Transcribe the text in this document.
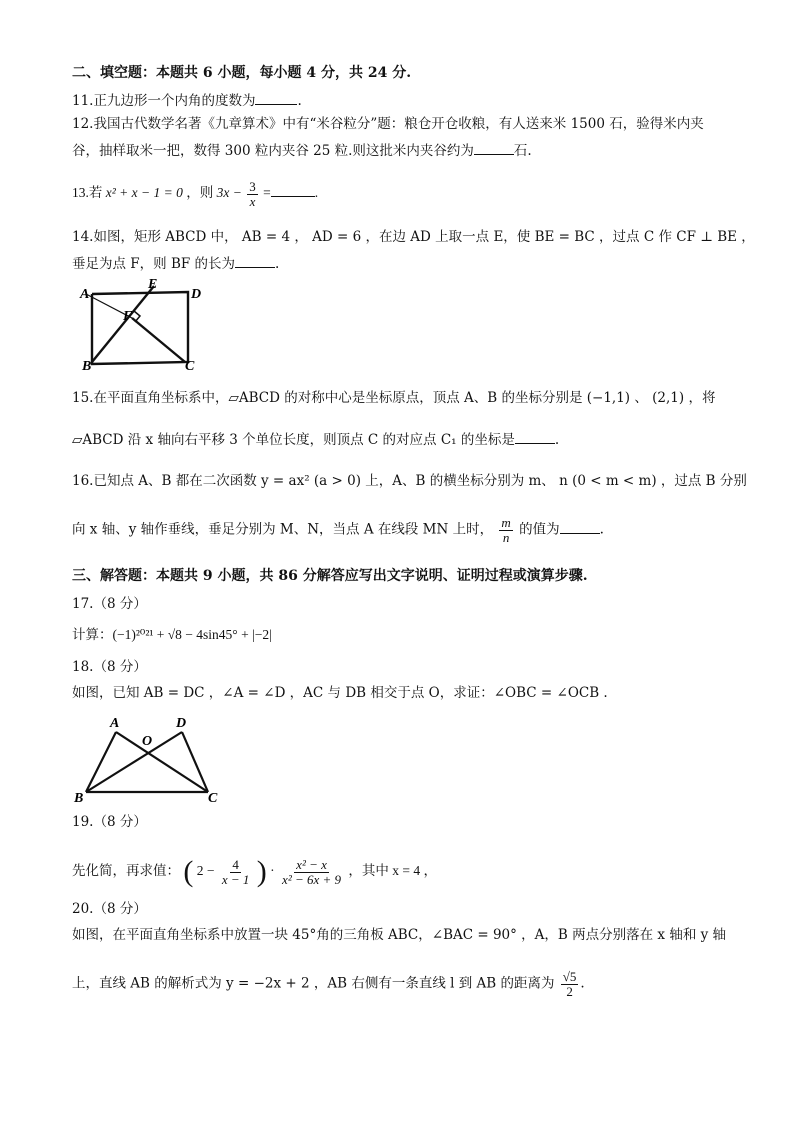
二、填空题：本题共 6 小题，每小题 4 分，共 24 分.
11.正九边形一个内角的度数为	.
12.我国古代数学名著《九章算术》中有“米谷粒分”题：粮仓开仓收粮，有人送来米 1500 石，验得米内夹
谷，抽样取米一把，数得 300 粒内夹谷 25 粒.则这批米内夹谷约为	石.
13.若 x² + x − 1 = 0 ，则 $3x - \frac{3}{x}$ =	.
14.如图，矩形 ABCD 中， AB = 4 ， AD = 6 ，在边 AD 上取一点 E，使 BE = BC ，过点 C 作 CF ⊥ BE ，
垂足为点 F，则 BF 的长为	.
A	D
E
F
B	C
15.在平面直角坐标系中，▱ABCD 的对称中心是坐标原点，顶点 A、B 的坐标分别是 (−1,1) 、 (2,1) ，将
▱ABCD 沿 x 轴向右平移 3 个单位长度，则顶点 C 的对应点 C₁ 的坐标是	.
16.已知点 A、B 都在二次函数 y = ax² (a > 0) 上，A、B 的横坐标分别为 m、 n (0 < m < m) ，过点 B 分别
向 x 轴、y 轴作垂线，垂足分别为 M、N，当点 A 在线段 MN 上时， $\frac{m}{n}$ 的值为	.
三、解答题：本题共 9 小题，共 86 分解答应写出文字说明、证明过程或演算步骤.
17.（8 分）
计算：(−1)²⁰²¹ + √8 − 4sin45° + |−2|
18.（8 分）
如图，已知 AB = DC ，∠A = ∠D ，AC 与 DB 相交于点 O，求证：∠OBC = ∠OCB .
A	D
O
B	C
19.（8 分）
先化简，再求值： ( $2 - \frac{4}{x - 1}$ ) · $\frac{\text{x² − x}}{\text{x² − 6x + 9}}$ ，其中 x = 4 ，
20.（8 分）
如图，在平面直角坐标系中放置一块 45°角的三角板 ABC，∠BAC = 90° ，A，B 两点分别落在 x 轴和 y 轴
上，直线 AB 的解析式为 y = −2x + 2 ，AB 右侧有一条直线 l 到 AB 的距离为 $\frac{√5}{2}$ .
